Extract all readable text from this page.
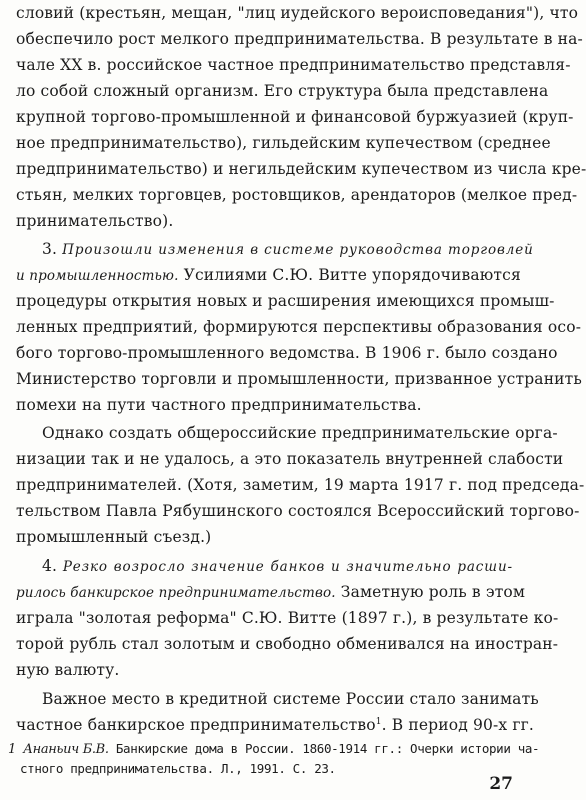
словий (крестьян, мещан, "лиц иудейского вероисповедания"), что
обеспечило рост мелкого предпринимательства. В результате в на-
чале XX в. российское частное предпринимательство представля-
ло собой сложный организм. Его структура была представлена
крупной торгово-промышленной и финансовой буржуазией (круп-
ное предпринимательство), гильдейским купечеством (среднее
предпринимательство) и негильдейским купечеством из числа кре-
стьян, мелких торговцев, ростовщиков, арендаторов (мелкое пред-
принимательство).
3. Произошли изменения в системе руководства торговлей
и промышленностью. Усилиями С.Ю. Витте упорядочиваются
процедуры открытия новых и расширения имеющихся промыш-
ленных предприятий, формируются перспективы образования осо-
бого торгово-промышленного ведомства. В 1906 г. было создано
Министерство торговли и промышленности, призванное устранить
помехи на пути частного предпринимательства.
Однако создать общероссийские предпринимательские орга-
низации так и не удалось, а это показатель внутренней слабости
предпринимателей. (Хотя, заметим, 19 марта 1917 г. под председа-
тельством Павла Рябушинского состоялся Всероссийский торгово-
промышленный съезд.)
4. Резко возросло значение банков и значительно расши-
рилось банкирское предпринимательство. Заметную роль в этом
играла "золотая реформа" С.Ю. Витте (1897 г.), в результате ко-
торой рубль стал золотым и свободно обменивался на иностран-
ную валюту.
Важное место в кредитной системе России стало занимать
частное банкирское предпринимательство$^1$. В период 90-х гг.
1 Ананьич Б.В. Банкирские дома в России. 1860-1914 гг.: Очерки истории ча-
стного предпринимательства. Л., 1991. С. 23.
27
